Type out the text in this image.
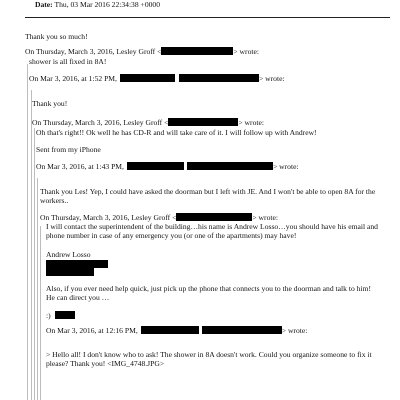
Date: Thu, 03 Mar 2016 22:34:38 +0000
Thank you so much!
On Thursday, March 3, 2016, Lesley Groff <	> wrote:
shower is all fixed in 8A!
On Mar 3, 2016, at 1:52 PM,	> wrote:
Thank you!
On Thursday, March 3, 2016, Lesley Groff <	> wrote:
Oh that's right!! Ok well he has CD-R and will take care of it. I will follow up with Andrew!
Sent from my iPhone
On Mar 3, 2016, at 1:43 PM,	> wrote:
Thank you Les! Yep, I could have asked the doorman but I left with JE. And I won't be able to open 8A for the workers..
On Thursday, March 3, 2016, Lesley Groff <	> wrote:
I will contact the superintendent of the building…his name is Andrew Losso…you should have his email and phone number in case of any emergency you (or one of the apartments) may have!
Andrew Losso
Also, if you ever need help quick, just pick up the phone that connects you to the doorman and talk to him! He can direct you …
:)
On Mar 3, 2016, at 12:16 PM,	> wrote:
> Hello all! I don't know who to ask! The shower in 8A doesn't work. Could you organize someone to fix it please? Thank you! <IMG_4748.JPG>
